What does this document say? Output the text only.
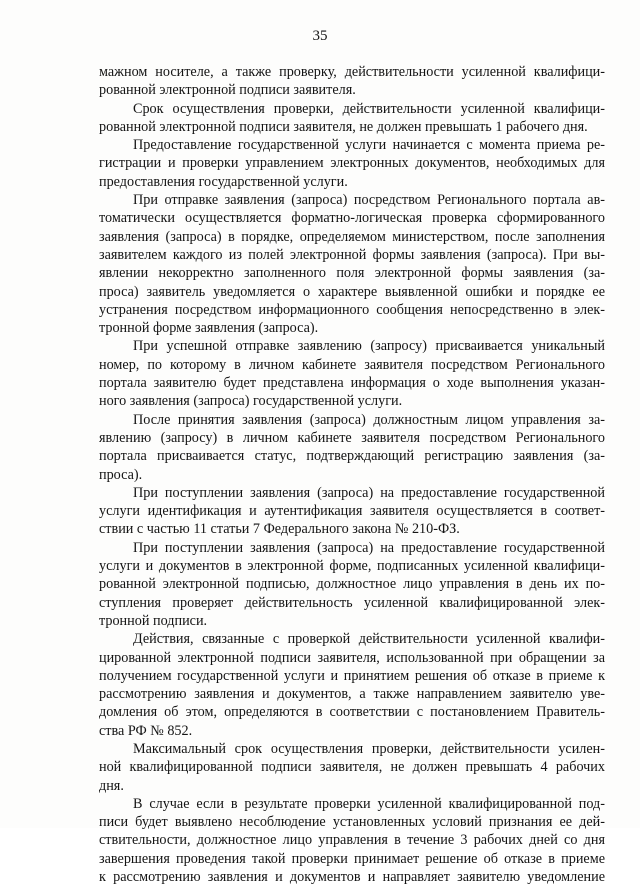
35
мажном носителе, а также проверку, действительности усиленной квалифици-
рованной электронной подписи заявителя.
Срок осуществления проверки, действительности усиленной квалифици-
рованной электронной подписи заявителя, не должен превышать 1 рабочего дня.
Предоставление государственной услуги начинается с момента приема ре-
гистрации и проверки управлением электронных документов, необходимых для
предоставления государственной услуги.
При отправке заявления (запроса) посредством Регионального портала ав-
томатически осуществляется форматно-логическая проверка сформированного
заявления (запроса) в порядке, определяемом министерством, после заполнения
заявителем каждого из полей электронной формы заявления (запроса). При вы-
явлении некорректно заполненного поля электронной формы заявления (за-
проса) заявитель уведомляется о характере выявленной ошибки и порядке ее
устранения посредством информационного сообщения непосредственно в элек-
тронной форме заявления (запроса).
При успешной отправке заявлению (запросу) присваивается уникальный
номер, по которому в личном кабинете заявителя посредством Регионального
портала заявителю будет представлена информация о ходе выполнения указан-
ного заявления (запроса) государственной услуги.
После принятия заявления (запроса) должностным лицом управления за-
явлению (запросу) в личном кабинете заявителя посредством Регионального
портала присваивается статус, подтверждающий регистрацию заявления (за-
проса).
При поступлении заявления (запроса) на предоставление государственной
услуги идентификация и аутентификация заявителя осуществляется в соответ-
ствии с частью 11 статьи 7 Федерального закона № 210-ФЗ.
При поступлении заявления (запроса) на предоставление государственной
услуги и документов в электронной форме, подписанных усиленной квалифици-
рованной электронной подписью, должностное лицо управления в день их по-
ступления проверяет действительность усиленной квалифицированной элек-
тронной подписи.
Действия, связанные с проверкой действительности усиленной квалифи-
цированной электронной подписи заявителя, использованной при обращении за
получением государственной услуги и принятием решения об отказе в приеме к
рассмотрению заявления и документов, а также направлением заявителю уве-
домления об этом, определяются в соответствии с постановлением Правитель-
ства РФ № 852.
Максимальный срок осуществления проверки, действительности усилен-
ной квалифицированной подписи заявителя, не должен превышать 4 рабочих
дня.
В случае если в результате проверки усиленной квалифицированной под-
писи будет выявлено несоблюдение установленных условий признания ее дей-
ствительности, должностное лицо управления в течение 3 рабочих дней со дня
завершения проведения такой проверки принимает решение об отказе в приеме
к рассмотрению заявления и документов и направляет заявителю уведомление
